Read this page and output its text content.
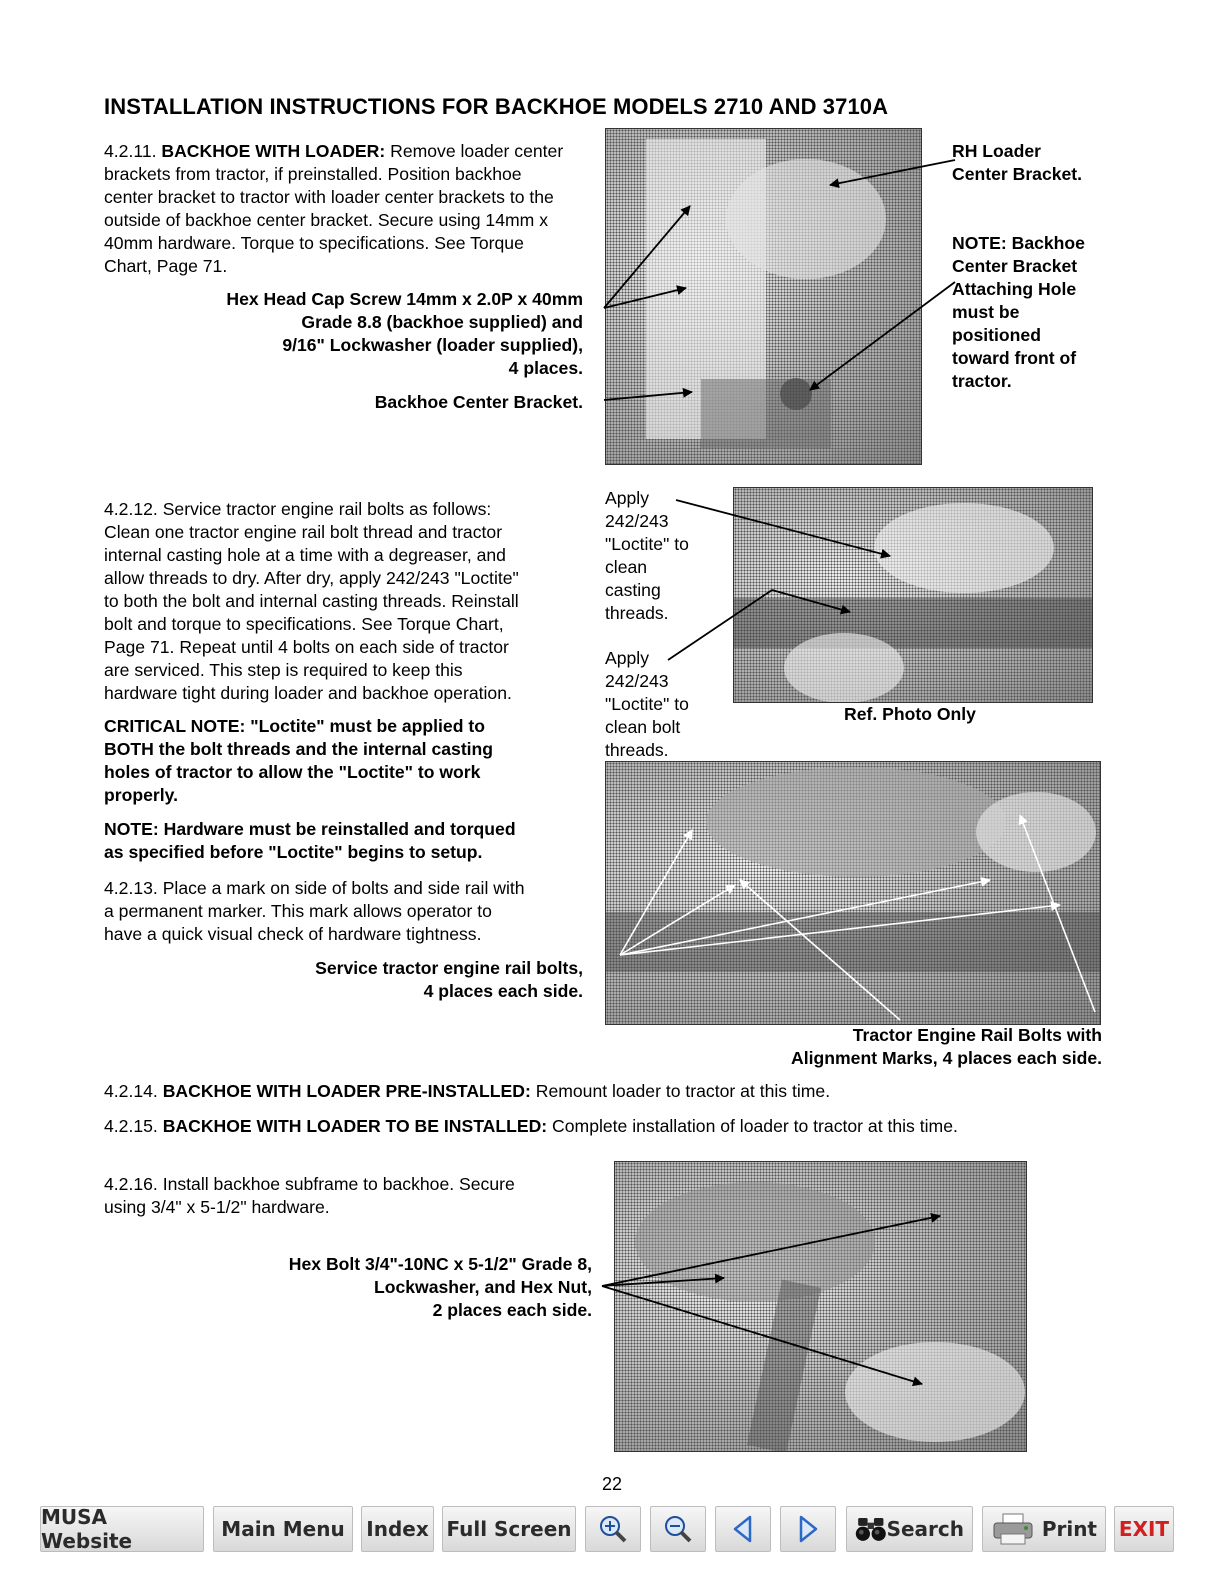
INSTALLATION INSTRUCTIONS FOR BACKHOE MODELS 2710 AND 3710A
4.2.11. BACKHOE WITH LOADER: Remove loader center brackets from tractor, if preinstalled. Position backhoe center bracket to tractor with loader center brackets to the outside of backhoe center bracket. Secure using 14mm x 40mm hardware. Torque to specifications. See Torque Chart, Page 71.
Hex Head Cap Screw 14mm x 2.0P x 40mm
Grade 8.8 (backhoe supplied) and
9/16" Lockwasher (loader supplied),
4 places.
Backhoe Center Bracket.
RH Loader
Center Bracket.
NOTE: Backhoe
Center Bracket
Attaching Hole
must be
positioned
toward front of
tractor.
4.2.12. Service tractor engine rail bolts as follows:
Clean one tractor engine rail bolt thread and tractor
internal casting hole at a time with a degreaser, and
allow threads to dry. After dry, apply 242/243 "Loctite"
to both the bolt and internal casting threads. Reinstall
bolt and torque to specifications. See Torque Chart,
Page 71. Repeat until 4 bolts on each side of tractor
are serviced. This step is required to keep this
hardware tight during loader and backhoe operation.
CRITICAL NOTE: "Loctite" must be applied to
BOTH the bolt threads and the internal casting
holes of tractor to allow the "Loctite" to work
properly.
NOTE: Hardware must be reinstalled and torqued
as specified before "Loctite" begins to setup.
Apply
242/243
"Loctite" to
clean
casting
threads.
Apply
242/243
"Loctite" to
clean bolt
threads.
Ref. Photo Only
4.2.13. Place a mark on side of bolts and side rail with
a permanent marker. This mark allows operator to
have a quick visual check of hardware tightness.
Service tractor engine rail bolts,
4 places each side.
Tractor Engine Rail Bolts with
Alignment Marks, 4 places each side.
4.2.14. BACKHOE WITH LOADER PRE-INSTALLED: Remount loader to tractor at this time.
4.2.15. BACKHOE WITH LOADER TO BE INSTALLED: Complete installation of loader to tractor at this time.
4.2.16. Install backhoe subframe to backhoe. Secure
using 3/4" x 5-1/2" hardware.
Hex Bolt 3/4"-10NC x 5-1/2" Grade 8,
Lockwasher, and Hex Nut,
2 places each side.
22
MUSA Website	Main Menu	Index Full Screen	Search	Print EXIT
